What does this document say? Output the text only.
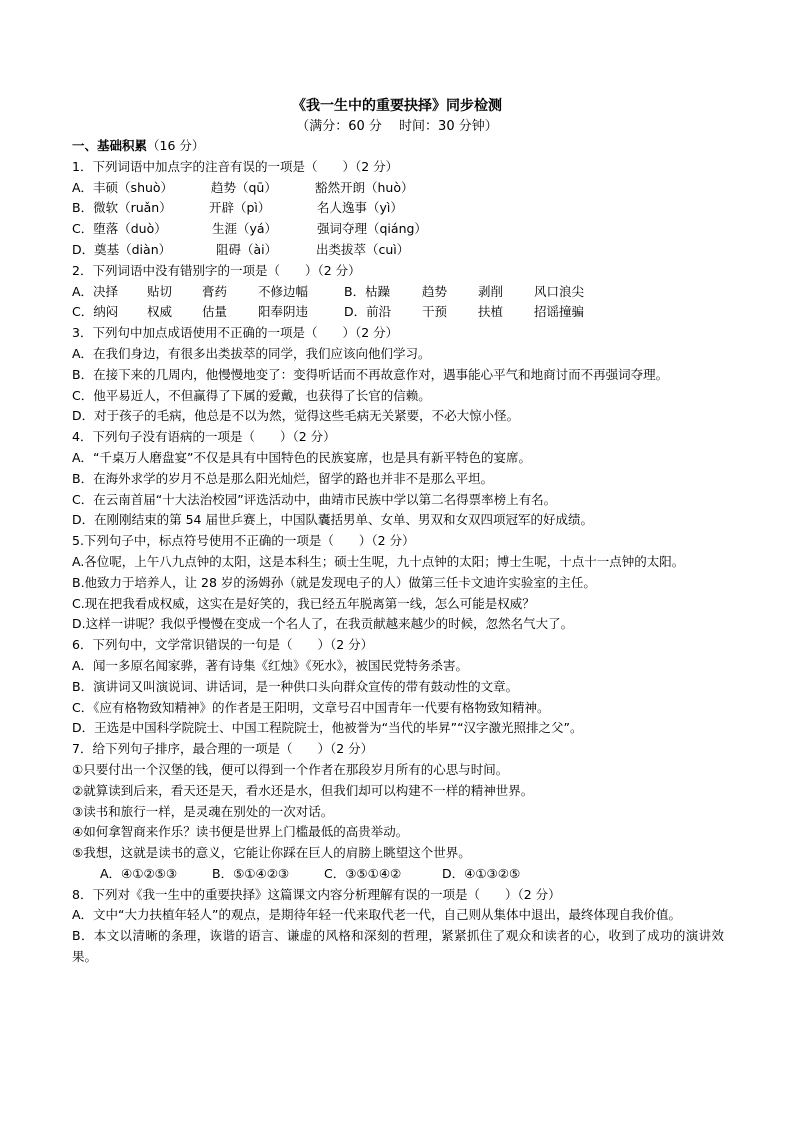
《我一生中的重要抉择》同步检测
（满分：60 分　 时间：30 分钟）
一、基础积累（16 分）
1．下列词语中加点字的注音有误的一项是（　　）（2 分）
A．丰硕（shuò）	趋势（qū）	豁然开朗（huò）
B．微软（ruǎn）	开辟（pì）	名人逸事（yì）
C．堕落（duò）	生涯（yá）	强词夺理（qiáng）
D．奠基（diàn）	阻碍（ài）	出类拔萃（cuì）
2．下列词语中没有错别字的一项是（　　）（2 分）
A．决择	贴切	膏药	不修边幅	B．枯躁	趋势	剥削	风口浪尖
C．纳闷	权威	估量	阳奉阴违	D．前沿	干预	扶植	招谣撞骗
3．下列句中加点成语使用不正确的一项是（　　）（2 分）
A．在我们身边，有很多出类拔萃的同学，我们应该向他们学习。
B．在接下来的几周内，他慢慢地变了：变得听话而不再故意作对，遇事能心平气和地商讨而不再强词夺理。
C．他平易近人，不但赢得了下属的爱戴，也获得了长官的信赖。
D．对于孩子的毛病，他总是不以为然，觉得这些毛病无关紧要，不必大惊小怪。
4．下列句子没有语病的一项是（　　）（2 分）
A．“千桌万人磨盘宴”不仅是具有中国特色的民族宴席，也是具有新平特色的宴席。
B．在海外求学的岁月不总是那么阳光灿烂，留学的路也并非不是那么平坦。
C．在云南首届“十大法治校园”评选活动中，曲靖市民族中学以第二名得票率榜上有名。
D．在刚刚结束的第 54 届世乒赛上，中国队囊括男单、女单、男双和女双四项冠军的好成绩。
5.下列句子中，标点符号使用不正确的一项是（　　）（2 分）
A.各位呢，上午八九点钟的太阳，这是本科生；硕士生呢，九十点钟的太阳；博士生呢，十点十一点钟的太阳。
B.他致力于培养人，让 28 岁的汤姆孙（就是发现电子的人）做第三任卡文迪许实验室的主任。
C.现在把我看成权威，这实在是好笑的，我已经五年脱离第一线，怎么可能是权威？
D.这样一讲呢？我似乎慢慢在变成一个名人了，在我贡献越来越少的时候，忽然名气大了。
6．下列句中，文学常识错误的一句是（　　）（2 分）
A．闻一多原名闻家骅，著有诗集《红烛》《死水》，被国民党特务杀害。
B．演讲词又叫演说词、讲话词，是一种供口头向群众宣传的带有鼓动性的文章。
C．《应有格物致知精神》的作者是王阳明，文章号召中国青年一代要有格物致知精神。
D．王选是中国科学院院士、中国工程院院士，他被誉为“当代的毕昇”“汉字激光照排之父”。
7．给下列句子排序，最合理的一项是（　　）（2 分）
①只要付出一个汉堡的钱，便可以得到一个作者在那段岁月所有的心思与时间。
②就算读到后来，看天还是天，看水还是水，但我们却可以构建不一样的精神世界。
③读书和旅行一样，是灵魂在别处的一次对话。
④如何拿智商来作乐？读书便是世界上门槛最低的高贵举动。
⑤我想，这就是读书的意义，它能让你踩在巨人的肩膀上眺望这个世界。
A．④①②⑤③	B．⑤①④②③	C．③⑤①④②	D．④①③②⑤
8．下列对《我一生中的重要抉择》这篇课文内容分析理解有误的一项是（　　）（2 分）
A．文中“大力扶植年轻人”的观点，是期待年轻一代来取代老一代，自己则从集体中退出，最终体现自我价值。
B．本文以清晰的条理，诙谐的语言、谦虚的风格和深刻的哲理，紧紧抓住了观众和读者的心，收到了成功的演讲效果。
